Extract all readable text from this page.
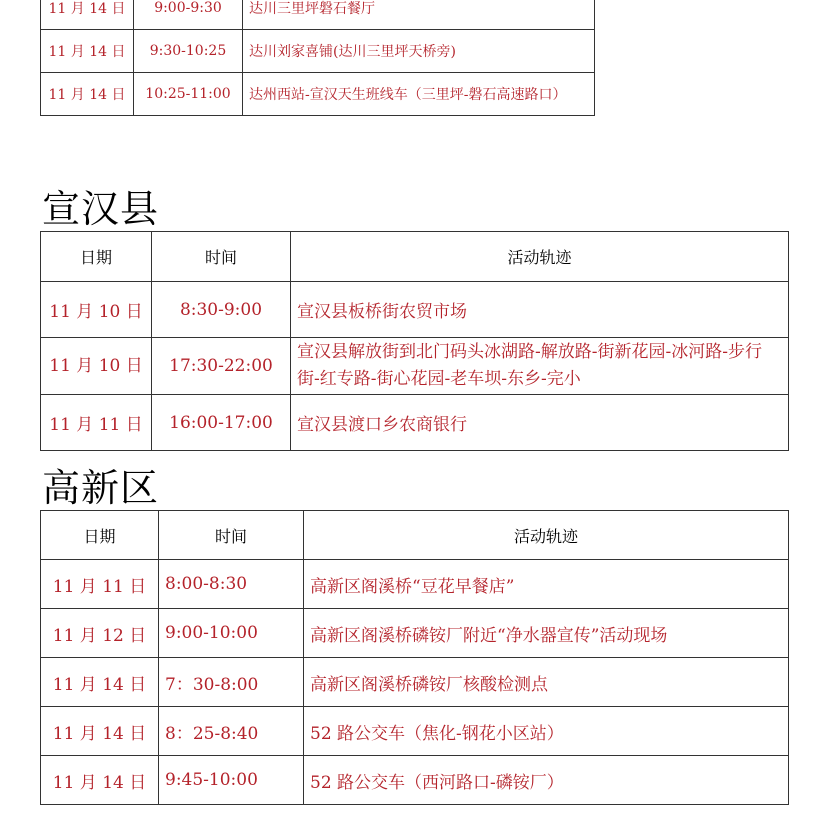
11 月 14 日	9:00-9:30	达川三里坪磐石餐厅
11 月 14 日	9:30-10:25	达川刘家喜铺(达川三里坪天桥旁)
11 月 14 日	10:25-11:00	达州西站-宣汉天生班线车（三里坪-磐石高速路口）
宣汉县
日期	时间	活动轨迹
11 月 10 日	8:30-9:00	宣汉县板桥街农贸市场
11 月 10 日	17:30-22:00	宣汉县解放街到北门码头冰湖路-解放路-街新花园-冰河路-步行街-红专路-街心花园-老车坝-东乡-完小
11 月 11 日	16:00-17:00	宣汉县渡口乡农商银行
高新区
日期	时间	活动轨迹
11 月 11 日	8:00-8:30	高新区阁溪桥“豆花早餐店”
11 月 12 日	9:00-10:00	高新区阁溪桥磷铵厂附近“净水器宣传”活动现场
11 月 14 日	7：30-8:00	高新区阁溪桥磷铵厂核酸检测点
11 月 14 日	8：25-8:40	52 路公交车（焦化-钢花小区站）
11 月 14 日	9:45-10:00	52 路公交车（西河路口-磷铵厂）
